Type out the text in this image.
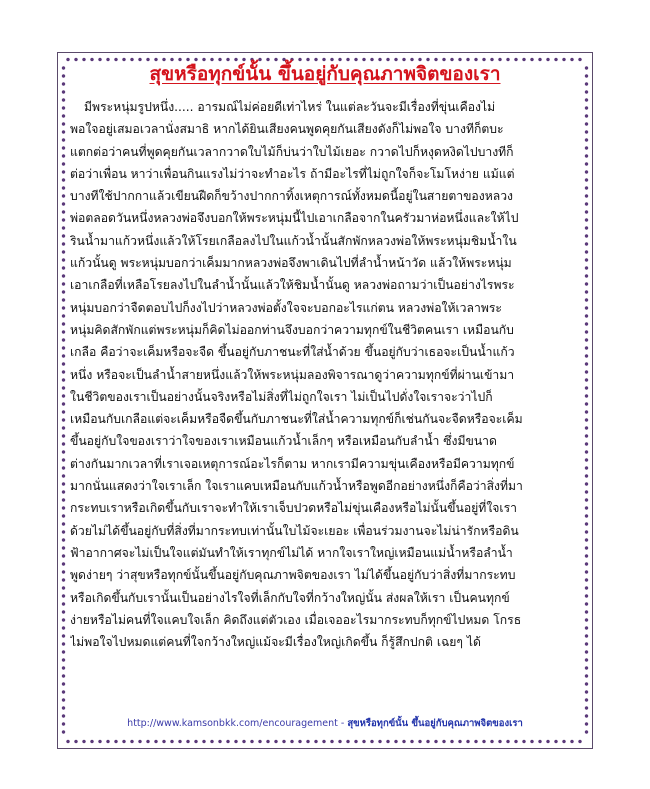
สุขหรือทุกข์นั้น ขึ้นอยู่กับคุณภาพจิตของเรา
มีพระหนุ่มรูปหนึ่ง..... อารมณ์ไม่ค่อยดีเท่าไหร่ ในแต่ละวันจะมีเรื่องที่ขุ่นเคืองไม่
พอใจอยู่เสมอเวลานั่งสมาธิ หากได้ยินเสียงคนพูดคุยกันเสียงดังก็ไม่พอใจ บางทีก็ตบะ
แตกต่อว่าคนที่พูดคุยกันเวลากวาดใบไม้ก็บ่นว่าใบไม้เยอะ กวาดไปก็หงุดหงิดไปบางทีก็
ต่อว่าเพื่อน หาว่าเพื่อนกินแรงไม่ว่าจะทำอะไร ถ้ามีอะไรที่ไม่ถูกใจก็จะโมโหง่าย แม้แต่
บางทีใช้ปากกาแล้วเขียนฝืดก็ขว้างปากกาทิ้งเหตุการณ์ทั้งหมดนี้อยู่ในสายตาของหลวง
พ่อตลอดวันหนึ่งหลวงพ่อจึงบอกให้พระหนุ่มนี้ไปเอาเกลือจากในครัวมาห่อหนึ่งและให้ไป
รินน้ำมาแก้วหนึ่งแล้วให้โรยเกลือลงไปในแก้วน้ำนั้นสักพักหลวงพ่อให้พระหนุ่มชิมน้ำใน
แก้วนั้นดู พระหนุ่มบอกว่าเค็มมากหลวงพ่อจึงพาเดินไปที่ลำน้ำหน้าวัด แล้วให้พระหนุ่ม
เอาเกลือที่เหลือโรยลงไปในลำน้ำนั้นแล้วให้ชิมน้ำนั้นดู หลวงพ่อถามว่าเป็นอย่างไรพระ
หนุ่มบอกว่าจืดตอบไปก็งงไปว่าหลวงพ่อตั้งใจจะบอกอะไรแก่ตน หลวงพ่อให้เวลาพระ
หนุ่มคิดสักพักแต่พระหนุ่มก็คิดไม่ออกท่านจึงบอกว่าความทุกข์ในชีวิตคนเรา เหมือนกับ
เกลือ คือว่าจะเค็มหรือจะจืด ขึ้นอยู่กับภาชนะที่ใส่น้ำด้วย ขึ้นอยู่กับว่าเธอจะเป็นน้ำแก้ว
หนึ่ง หรือจะเป็นลำน้ำสายหนึ่งแล้วให้พระหนุ่มลองพิจารณาดูว่าความทุกข์ที่ผ่านเข้ามา
ในชีวิตของเราเป็นอย่างนั้นจริงหรือไม่สิ่งที่ไม่ถูกใจเรา ไม่เป็นไปดั่งใจเราจะว่าไปก็
เหมือนกับเกลือแต่จะเค็มหรือจืดขึ้นกับภาชนะที่ใส่น้ำความทุกข์ก็เช่นกันจะจืดหรือจะเค็ม
ขึ้นอยู่กับใจของเราว่าใจของเราเหมือนแก้วน้ำเล็กๆ หรือเหมือนกับลำน้ำ ซึ่งมีขนาด
ต่างกันมากเวลาที่เราเจอเหตุการณ์อะไรก็ตาม หากเรามีความขุ่นเคืองหรือมีความทุกข์
มากนั่นแสดงว่าใจเราเล็ก ใจเราแคบเหมือนกับแก้วน้ำหรือพูดอีกอย่างหนึ่งก็คือว่าสิ่งที่มา
กระทบเราหรือเกิดขึ้นกับเราจะทำให้เราเจ็บปวดหรือไม่ขุ่นเคืองหรือไม่นั้นขึ้นอยู่ที่ใจเรา
ด้วยไม่ได้ขึ้นอยู่กับที่สิ่งที่มากระทบเท่านั้นใบไม้จะเยอะ เพื่อนร่วมงานจะไม่น่ารักหรือดิน
ฟ้าอากาศจะไม่เป็นใจแต่มันทำให้เราทุกข์ไม่ได้ หากใจเราใหญ่เหมือนแม่น้ำหรือลำน้ำ
พูดง่ายๆ ว่าสุขหรือทุกข์นั้นขึ้นอยู่กับคุณภาพจิตของเรา ไม่ได้ขึ้นอยู่กับว่าสิ่งที่มากระทบ
หรือเกิดขึ้นกับเรานั้นเป็นอย่างไรใจที่เล็กกับใจที่กว้างใหญ่นั้น ส่งผลให้เรา เป็นคนทุกข์
ง่ายหรือไม่คนที่ใจแคบใจเล็ก คิดถึงแต่ตัวเอง เมื่อเจออะไรมากระทบก็ทุกข์ไปหมด โกรธ
ไม่พอใจไปหมดแต่คนที่ใจกว้างใหญ่แม้จะมีเรื่องใหญ่เกิดขึ้น ก็รู้สึกปกติ เฉยๆ ได้
http://www.kamsonbkk.com/encouragement - สุขหรือทุกข์นั้น ขึ้นอยู่กับคุณภาพจิตของเรา
